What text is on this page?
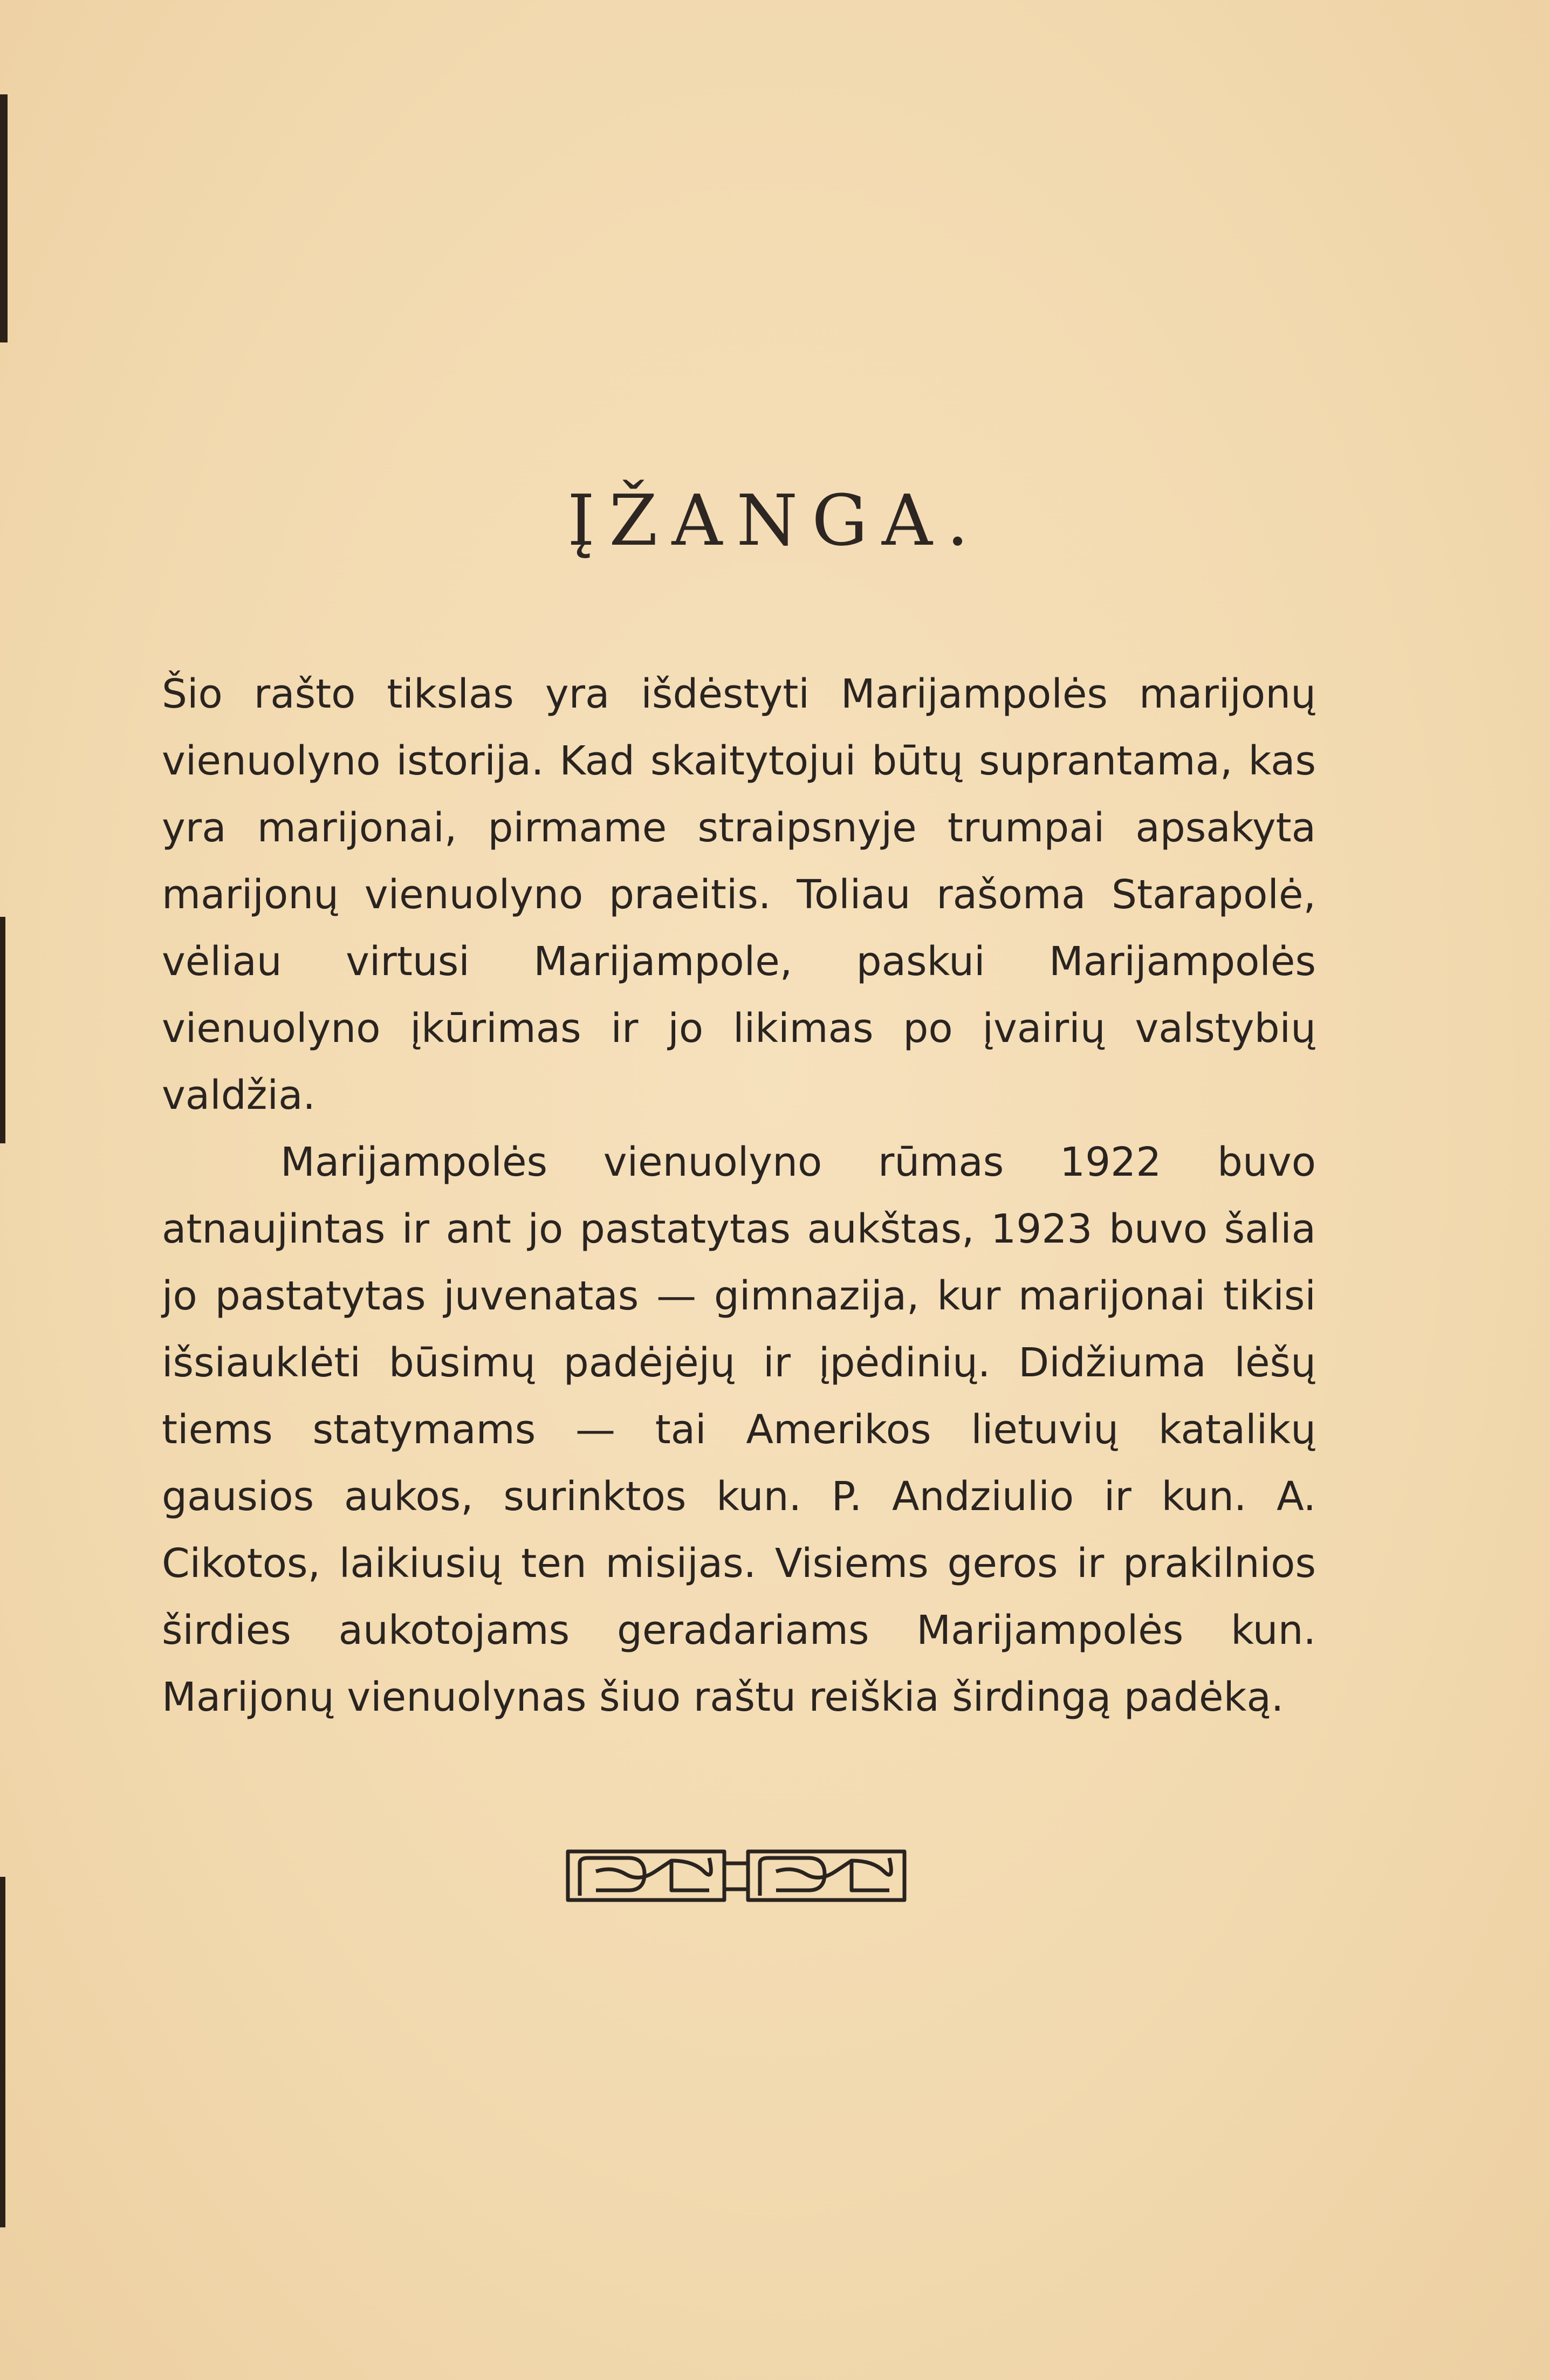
ĮŽANGA.

Šio rašto tikslas yra išdėstyti Marijampolės marijonų vienuolyno istorija. Kad skaitytojui būtų suprantama, kas yra marijonai, pirmame straipsnyje trumpai apsakyta marijonų vienuolyno praeitis. Toliau rašoma Starapolė, vėliau virtusi Marijampole, paskui Marijampolės vienuolyno įkūrimas ir jo likimas po įvairių valstybių valdžia.

Marijampolės vienuolyno rūmas 1922 buvo atnaujintas ir ant jo pastatytas aukštas, 1923 buvo šalia jo pastatytas juvenatas — gimnazija, kur marijonai tikisi išsiauklėti būsimų padėjėjų ir įpėdinių. Didžiuma lėšų tiems statymams — tai Amerikos lietuvių katalikų gausios aukos, surinktos kun. P. Andziulio ir kun. A. Cikotos, laikiusių ten misijas. Visiems geros ir prakilnios širdies aukotojams geradariams Marijampolės kun. Marijonų vienuolynas šiuo raštu reiškia širdingą padėką.
